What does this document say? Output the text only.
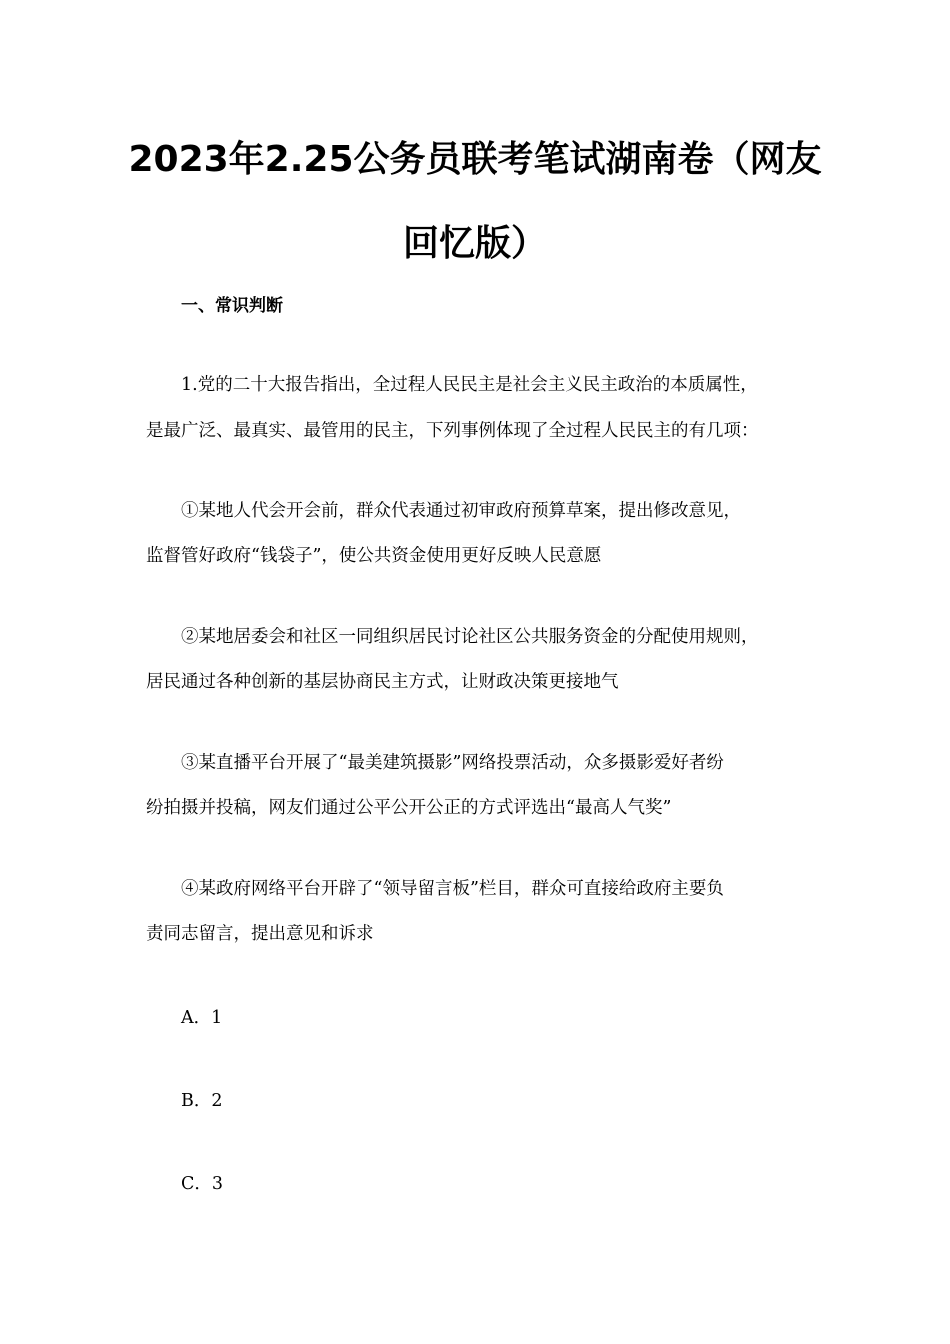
2023年2.25公务员联考笔试湖南卷（网友
回忆版）
一、常识判断
1.党的二十大报告指出，全过程人民民主是社会主义民主政治的本质属性，
是最广泛、最真实、最管用的民主，下列事例体现了全过程人民民主的有几项：
①某地人代会开会前，群众代表通过初审政府预算草案，提出修改意见，
监督管好政府“钱袋子”，使公共资金使用更好反映人民意愿
②某地居委会和社区一同组织居民讨论社区公共服务资金的分配使用规则，
居民通过各种创新的基层协商民主方式，让财政决策更接地气
③某直播平台开展了“最美建筑摄影”网络投票活动，众多摄影爱好者纷
纷拍摄并投稿，网友们通过公平公开公正的方式评选出“最高人气奖”
④某政府网络平台开辟了“领导留言板”栏目，群众可直接给政府主要负
责同志留言，提出意见和诉求
A．1
B．2
C．3
